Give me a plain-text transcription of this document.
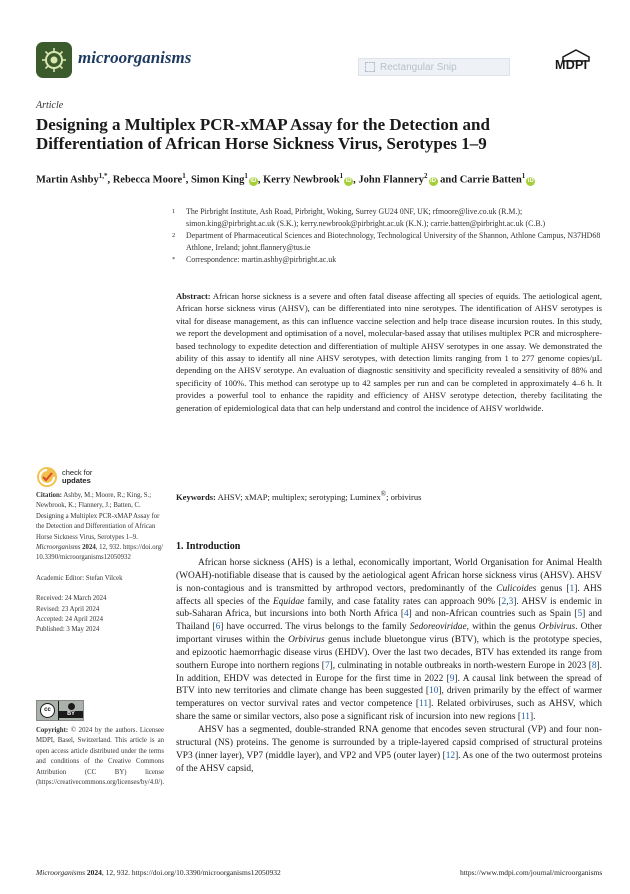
microorganisms	Rectangular Snip	MDPI
Article
Designing a Multiplex PCR-xMAP Assay for the Detection and Differentiation of African Horse Sickness Virus, Serotypes 1–9
Martin Ashby$^{1,*}$, Rebecca Moore$^1$, Simon King$^1$iD , Kerry Newbrook$^1$iD , John Flannery$^2$iD and Carrie Batten$^1$iD
1	The Pirbright Institute, Ash Road, Pirbright, Woking, Surrey GU24 0NF, UK; rfmoore@live.co.uk (R.M.); simon.king@pirbright.ac.uk (S.K.); kerry.newbrook@pirbright.ac.uk (K.N.); carrie.batten@pirbright.ac.uk (C.B.)
2	Department of Pharmaceutical Sciences and Biotechnology, Technological University of the Shannon, Athlone Campus, N37HD68 Athlone, Ireland; johnt.flannery@tus.ie
*	Correspondence: martin.ashby@pirbright.ac.uk
Abstract: African horse sickness is a severe and often fatal disease affecting all species of equids. The aetiological agent, African horse sickness virus (AHSV), can be differentiated into nine serotypes. The identification of AHSV serotypes is vital for disease management, as this can influence vaccine selection and help trace disease incursion routes. In this study, we report the development and optimisation of a novel, molecular-based assay that utilises multiplex PCR and microsphere-based technology to expedite detection and differentiation of multiple AHSV serotypes in one assay. We demonstrated the ability of this assay to identify all nine AHSV serotypes, with detection limits ranging from 1 to 277 genome copies/µL depending on the AHSV serotype. An evaluation of diagnostic sensitivity and specificity revealed a sensitivity of 88% and specificity of 100%. This method can serotype up to 42 samples per run and can be completed in approximately 4–6 h. It provides a powerful tool to enhance the rapidity and efficiency of AHSV serotype detection, thereby facilitating the generation of epidemiological data that can help understand and control the incidence of AHSV worldwide.
Keywords: AHSV; xMAP; multiplex; serotyping; Luminex®; orbivirus
check for
updates

Citation: Ashby, M.; Moore, R.; King, S.; Newbrook, K.; Flannery, J.; Batten, C. Designing a Multiplex PCR-xMAP Assay for the Detection and Differentiation of African Horse Sickness Virus, Serotypes 1–9. Microorganisms 2024, 12, 932. https://doi.org/10.3390/microorganisms12050932

Academic Editor: Stefan Vilcek

Received: 24 March 2024

Revised: 23 April 2024

Accepted: 24 April 2024

Published: 3 May 2024

cc
BY
Copyright: © 2024 by the authors. Licensee MDPI, Basel, Switzerland. This article is an open access article distributed under the terms and conditions of the Creative Commons Attribution (CC BY) license (https://creativecommons.org/licenses/by/4.0/).
1. Introduction

African horse sickness (AHS) is a lethal, economically important, World Organisation for Animal Health (WOAH)-notifiable disease that is caused by the aetiological agent African horse sickness virus (AHSV). AHSV is non-contagious and is transmitted by arthropod vectors, predominantly of the Culicoides genus [1]. AHS affects all species of the Equidae family, and case fatality rates can approach 90% [2,3]. AHSV is endemic in sub-Saharan Africa, but incursions into both North Africa [4] and non-African countries such as Spain [5] and Thailand [6] have occurred. The virus belongs to the family Sedoreoviridae, within the genus Orbivirus. Other important viruses within the Orbivirus genus include bluetongue virus (BTV), which is the prototype species, and epizootic haemorrhagic disease virus (EHDV). Over the last two decades, BTV has extended its range from southern Europe into northern regions [7], culminating in notable outbreaks in north-western Europe in 2023 [8]. In addition, EHDV was detected in Europe for the first time in 2022 [9]. A causal link between the spread of BTV into new territories and climate change has been suggested [10], driven primarily by the effect of warmer temperatures on vector survival rates and vector competence [11]. Related orbiviruses, such as AHSV, which share the same or similar vectors, also pose a significant risk of incursion into new regions [11].

AHSV has a segmented, double-stranded RNA genome that encodes seven structural (VP) and four non-structural (NS) proteins. The genome is surrounded by a triple-layered capsid comprised of structural proteins VP3 (inner layer), VP7 (middle layer), and VP2 and VP5 (outer layer) [12]. As one of the two outermost proteins of the AHSV capsid,

Microorganisms 2024, 12, 932. https://doi.org/10.3390/microorganisms12050932	https://www.mdpi.com/journal/microorganisms
